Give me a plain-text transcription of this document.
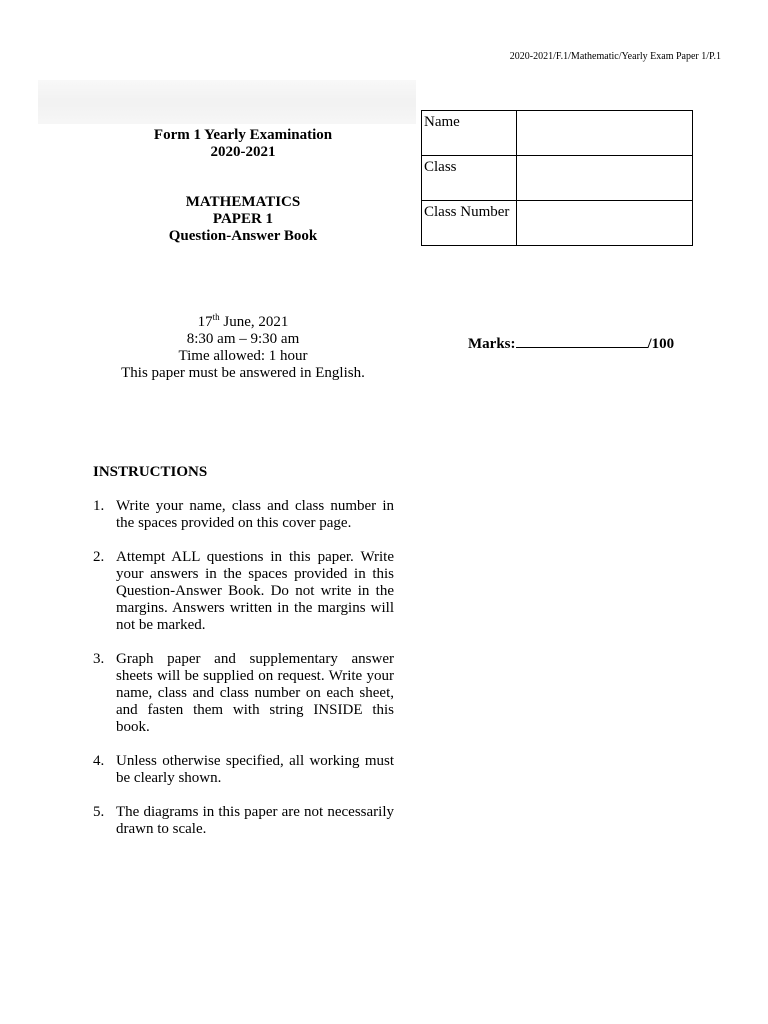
2020-2021/F.1/Mathematic/Yearly Exam Paper 1/P.1
Form 1 Yearly Examination
2020-2021
MATHEMATICS
PAPER 1
Question-Answer Book
Name	
Class	
Class Number	
17th June, 2021
8:30 am – 9:30 am
Time allowed: 1 hour
This paper must be answered in English.
Marks:	/100
INSTRUCTIONS
1. Write your name, class and class number in the spaces provided on this cover page.
2. Attempt ALL questions in this paper. Write your answers in the spaces provided in this Question-Answer Book. Do not write in the margins. Answers written in the margins will not be marked.
3. Graph paper and supplementary answer sheets will be supplied on request. Write your name, class and class number on each sheet, and fasten them with string INSIDE this book.
4. Unless otherwise specified, all working must be clearly shown.
5. The diagrams in this paper are not necessarily drawn to scale.
